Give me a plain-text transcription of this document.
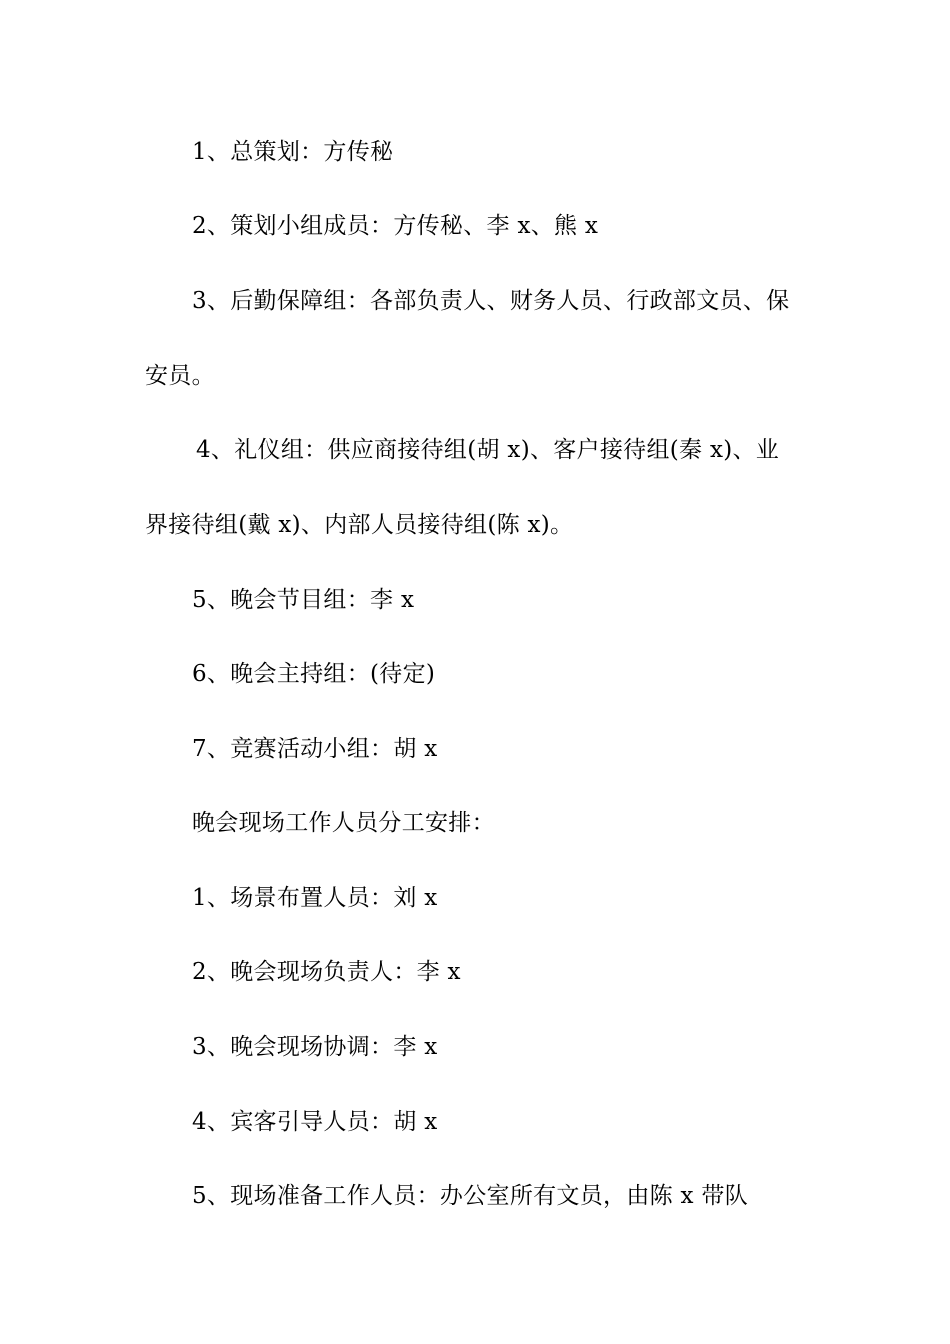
1、总策划：方传秘
2、策划小组成员：方传秘、李 x、熊 x
3、后勤保障组：各部负责人、财务人员、行政部文员、保
安员。
4、礼仪组：供应商接待组(胡 x)、客户接待组(秦 x)、业
界接待组(戴 x)、内部人员接待组(陈 x)。
5、晚会节目组：李 x
6、晚会主持组：(待定)
7、竞赛活动小组：胡 x
晚会现场工作人员分工安排：
1、场景布置人员：刘 x
2、晚会现场负责人：李 x
3、晚会现场协调：李 x
4、宾客引导人员：胡 x
5、现场准备工作人员：办公室所有文员，由陈 x 带队
